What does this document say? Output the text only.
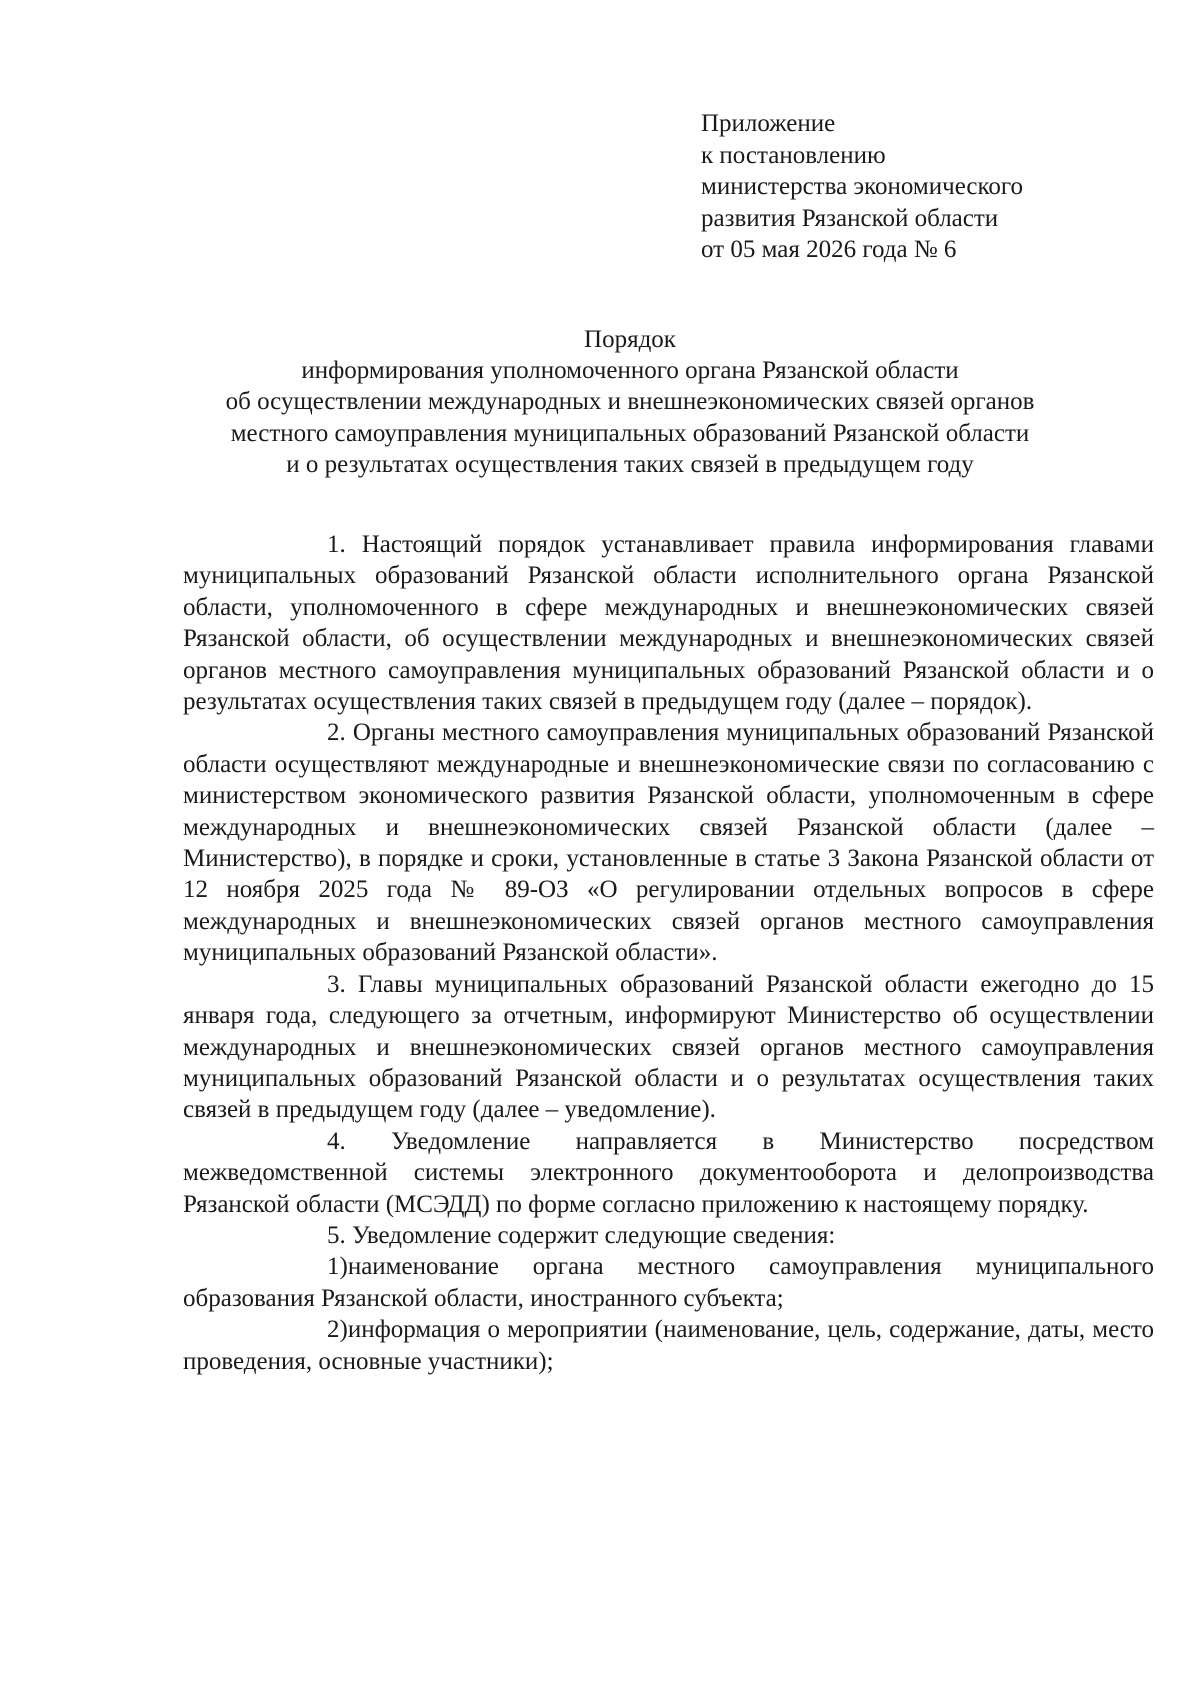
Приложение
к постановлению
министерства экономического
развития Рязанской области
от 05 мая 2026 года № 6
Порядок
информирования уполномоченного органа Рязанской области
об осуществлении международных и внешнеэкономических связей органов
местного самоуправления муниципальных образований Рязанской области
и о результатах осуществления таких связей в предыдущем году

1. Настоящий порядок устанавливает правила информирования главами муниципальных образований Рязанской области исполнительного органа Рязанской области, уполномоченного в сфере международных и внешнеэкономических связей Рязанской области, об осуществлении международных и внешнеэкономических связей органов местного самоуправления муниципальных образований Рязанской области и о результатах осуществления таких связей в предыдущем году (далее – порядок).

2. Органы местного самоуправления муниципальных образований Рязанской области осуществляют международные и внешнеэкономические связи по согласованию с министерством экономического развития Рязанской области, уполномоченным в сфере международных и внешнеэкономических связей Рязанской области (далее – Министерство), в порядке и сроки, установленные в статье 3 Закона Рязанской области от 12 ноября 2025 года № 89-ОЗ «О регулировании отдельных вопросов в сфере международных и внешнеэкономических связей органов местного самоуправления муниципальных образований Рязанской области».

3. Главы муниципальных образований Рязанской области ежегодно до 15 января года, следующего за отчетным, информируют Министерство об осуществлении международных и внешнеэкономических связей органов местного самоуправления муниципальных образований Рязанской области и о результатах осуществления таких связей в предыдущем году (далее – уведомление).

4. Уведомление направляется в Министерство посредством межведомственной системы электронного документооборота и делопроизводства Рязанской области (МСЭДД) по форме согласно приложению к настоящему порядку.

5. Уведомление содержит следующие сведения:

1)наименование органа местного самоуправления муниципального образования Рязанской области, иностранного субъекта;

2)информация о мероприятии (наименование, цель, содержание, даты, место проведения, основные участники);
